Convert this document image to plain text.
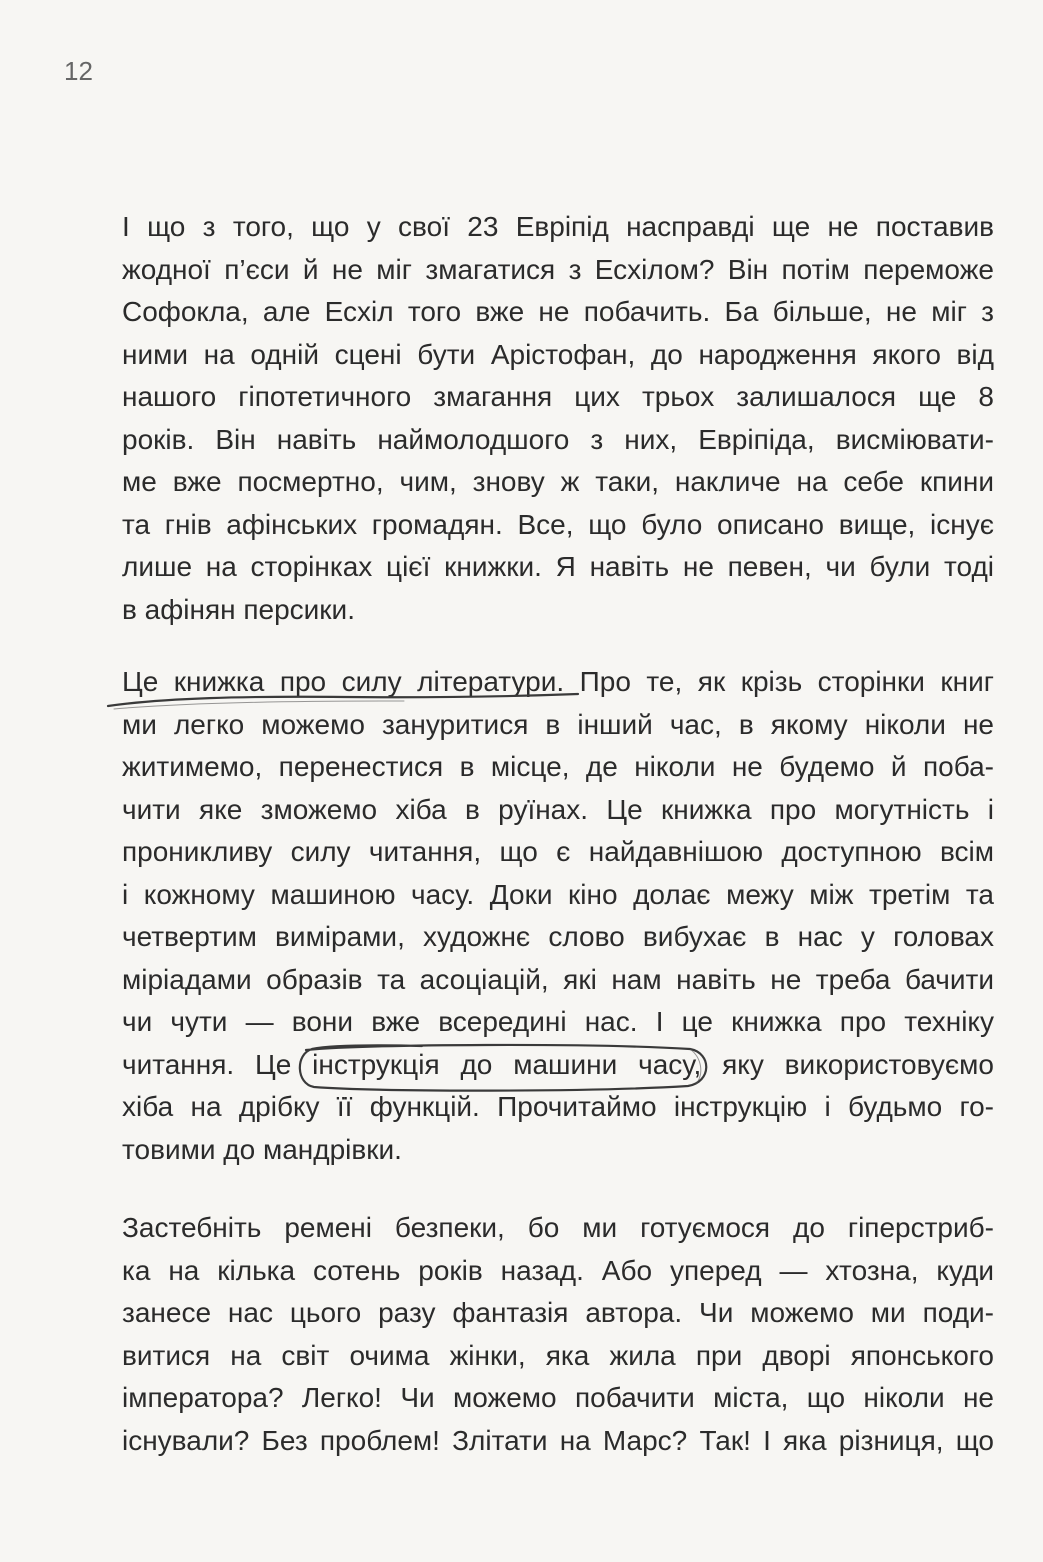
12
І що з того, що у свої 23 Евріпід насправді ще не поставив
жодної п’єси й не міг змагатися з Есхілом? Він потім переможе
Софокла, але Есхіл того вже не побачить. Ба більше, не міг з
ними на одній сцені бути Арістофан, до народження якого від
нашого гіпотетичного змагання цих трьох залишалося ще 8
років. Він навіть наймолодшого з них, Евріпіда, висміювати-
ме вже посмертно, чим, знову ж таки, накличе на себе кпини
та гнів афінських громадян. Все, що було описано вище, існує
лише на сторінках цієї книжки. Я навіть не певен, чи були тоді
в афінян персики.
Це книжка про силу літератури. Про те, як крізь сторінки книг
ми легко можемо зануритися в інший час, в якому ніколи не
житимемо, перенестися в місце, де ніколи не будемо й поба-
чити яке зможемо хіба в руїнах. Це книжка про могутність і
проникливу силу читання, що є найдавнішою доступною всім
і кожному машиною часу. Доки кіно долає межу між третім та
четвертим вимірами, художнє слово вибухає в нас у головах
міріадами образів та асоціацій, які нам навіть не треба бачити
чи чути — вони вже всередині нас. І це книжка про техніку
читання. Це інструкція до машини часу, яку використовуємо
хіба на дрібку її функцій. Прочитаймо інструкцію і будьмо го-
товими до мандрівки.
Застебніть ремені безпеки, бо ми готуємося до гіперстриб-
ка на кілька сотень років назад. Або уперед — хтозна, куди
занесе нас цього разу фантазія автора. Чи можемо ми поди-
витися на світ очима жінки, яка жила при дворі японського
імператора? Легко! Чи можемо побачити міста, що ніколи не
існували? Без проблем! Злітати на Марс? Так! І яка різниця, що
